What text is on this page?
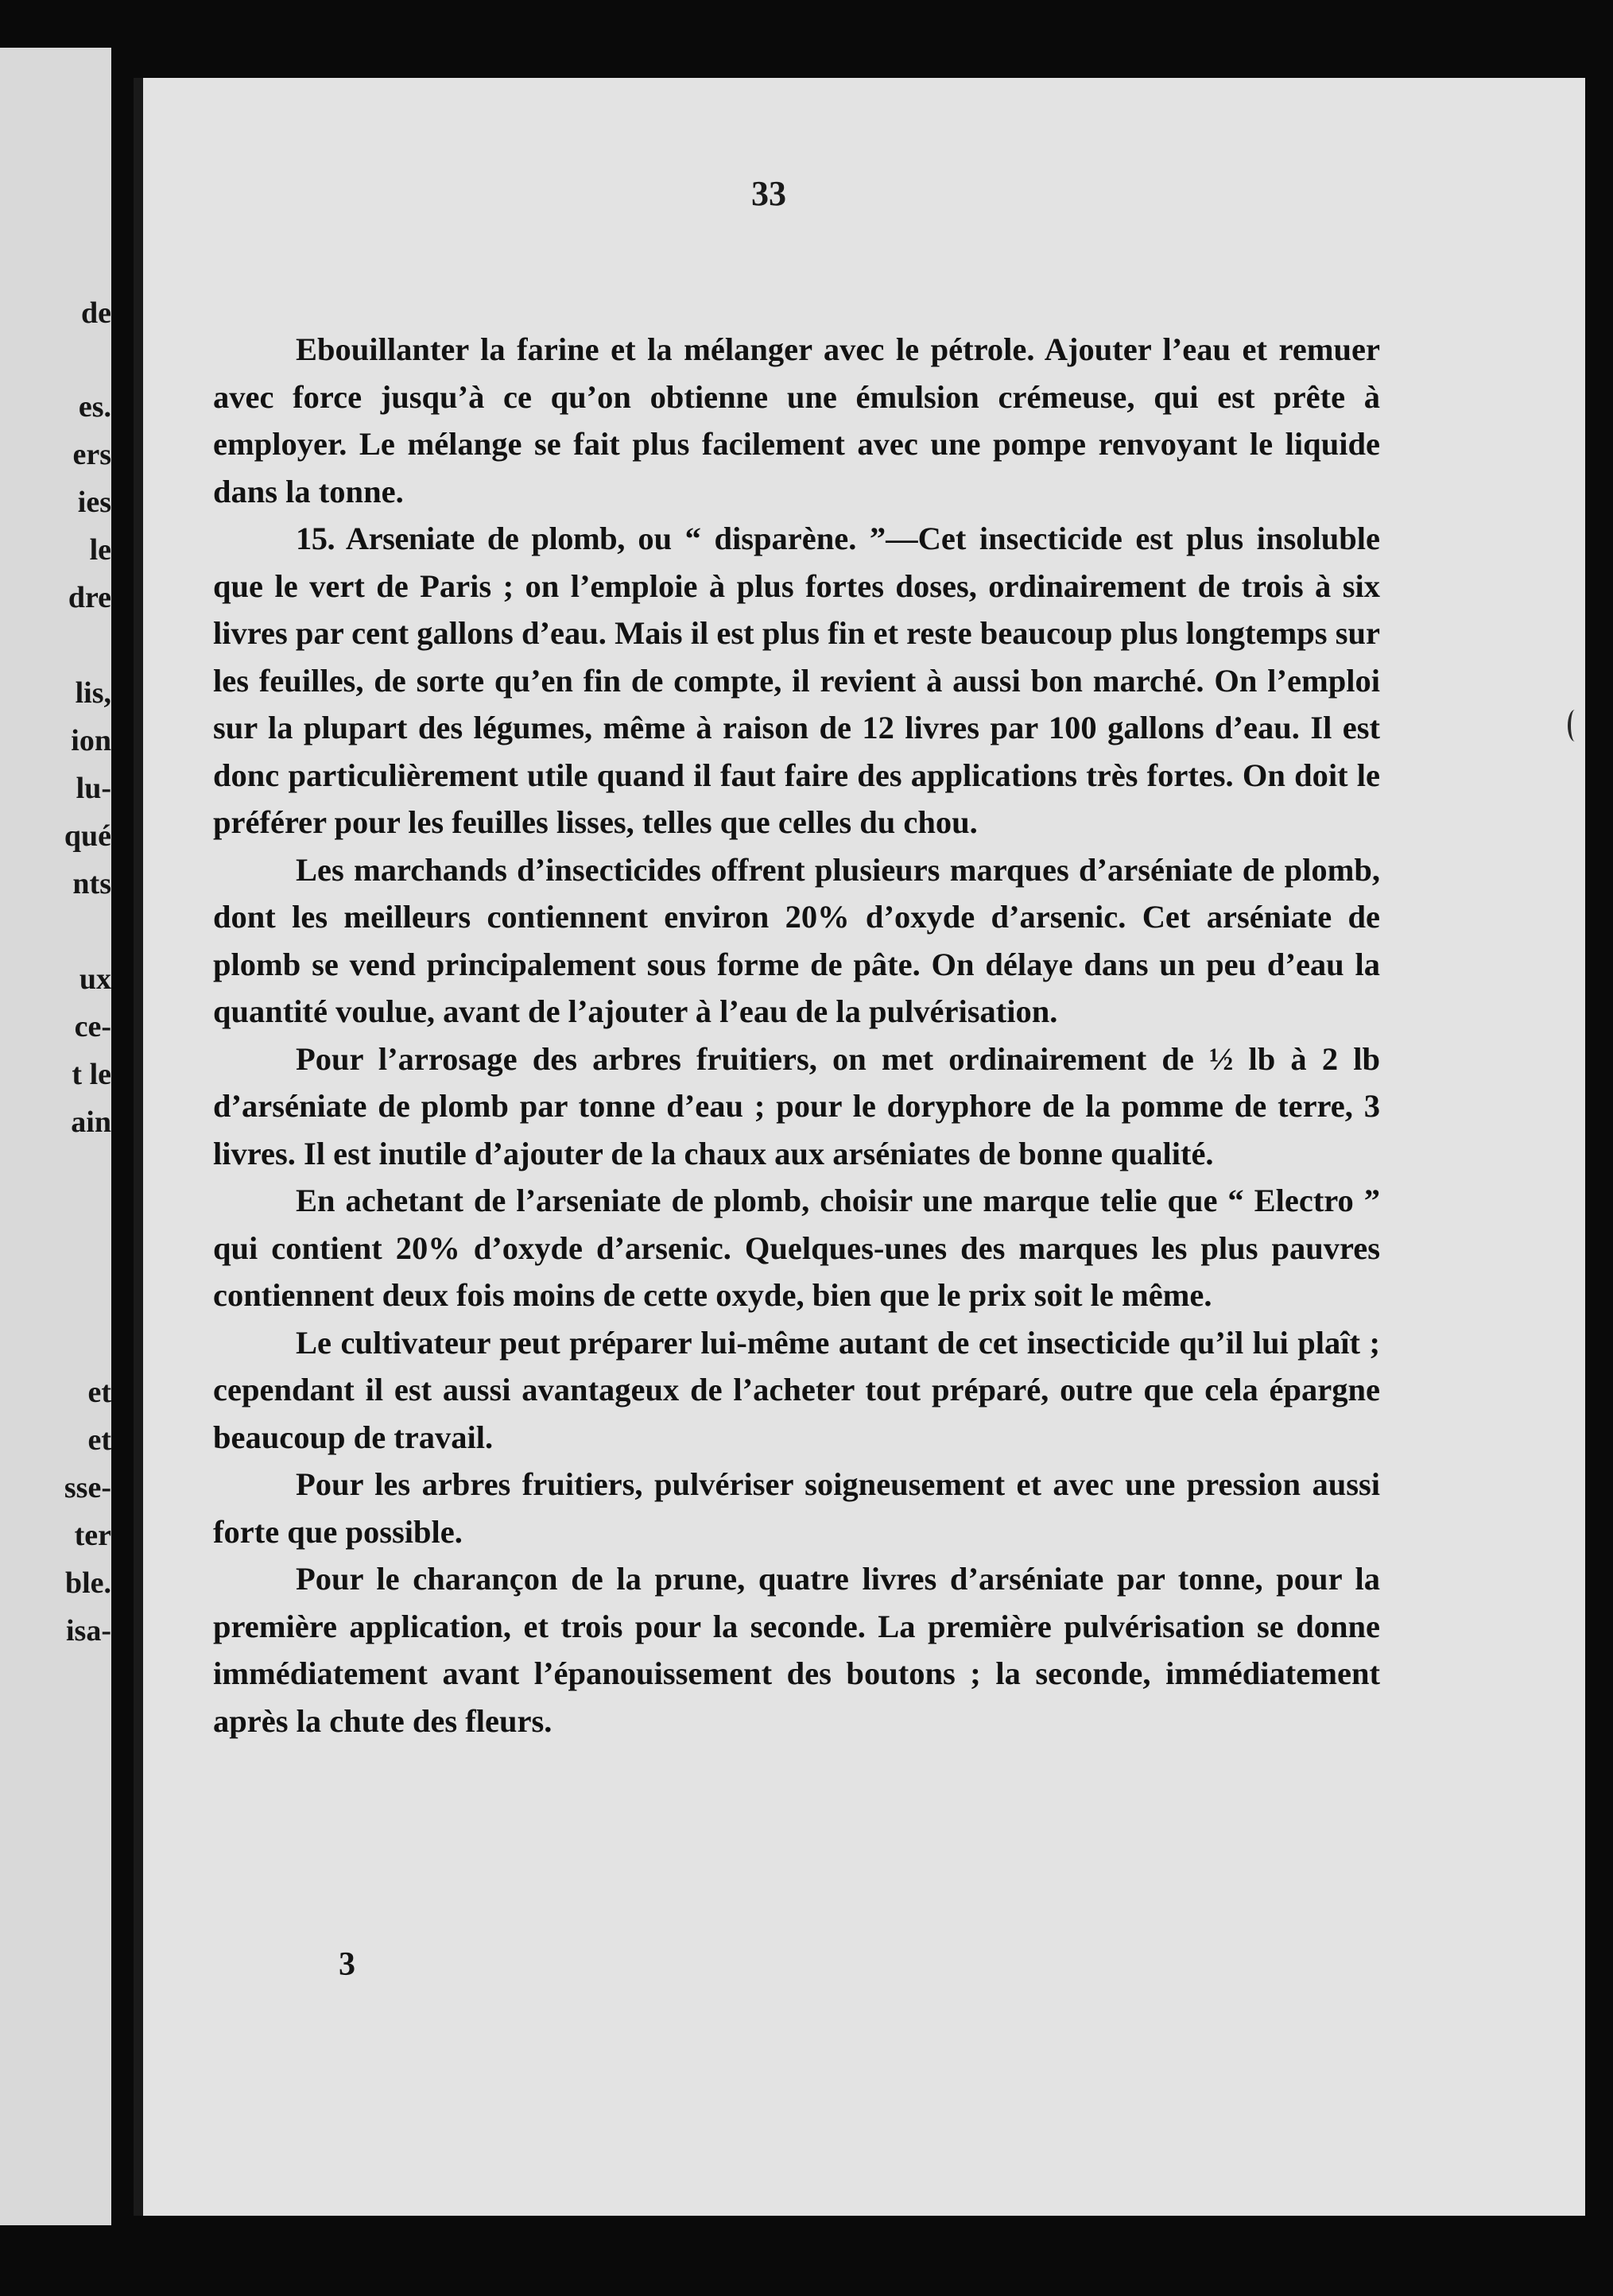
de
es.
ers
ies
le
dre
lis,
ion
lu-
qué
nts
ux
ce-
t le
ain
et
et
sse-
ter
ble.
isa-
33

Ebouillanter la farine et la mélanger avec le pétrole. Ajouter l’eau et remuer avec force jusqu’à ce qu’on obtienne une émulsion crémeuse, qui est prête à employer. Le mélange se fait plus facilement avec une pompe renvoyant le liquide dans la tonne.

15. Arseniate de plomb, ou “ disparène. ”—Cet insecticide est plus insoluble que le vert de Paris ; on l’emploie à plus fortes doses, ordinairement de trois à six livres par cent gallons d’eau. Mais il est plus fin et reste beaucoup plus longtemps sur les feuilles, de sorte qu’en fin de compte, il revient à aussi bon marché. On l’emploi sur la plupart des légumes, même à raison de 12 livres par 100 gallons d’eau. Il est donc particulièrement utile quand il faut faire des applications très fortes. On doit le préférer pour les feuilles lisses, telles que celles du chou.

Les marchands d’insecticides offrent plusieurs marques d’arséniate de plomb, dont les meilleurs contiennent environ 20% d’oxyde d’arsenic. Cet arséniate de plomb se vend principalement sous forme de pâte. On délaye dans un peu d’eau la quantité voulue, avant de l’ajouter à l’eau de la pulvérisation.

Pour l’arrosage des arbres fruitiers, on met ordinairement de ½ lb à 2 lb d’arséniate de plomb par tonne d’eau ; pour le doryphore de la pomme de terre, 3 livres. Il est inutile d’ajouter de la chaux aux arséniates de bonne qualité.

En achetant de l’arseniate de plomb, choisir une marque telie que “ Electro ” qui contient 20% d’oxyde d’arsenic. Quelques-unes des marques les plus pauvres contiennent deux fois moins de cette oxyde, bien que le prix soit le même.

Le cultivateur peut préparer lui-même autant de cet insecticide qu’il lui plaît ; cependant il est aussi avantageux de l’acheter tout préparé, outre que cela épargne beaucoup de travail.

Pour les arbres fruitiers, pulvériser soigneusement et avec une pression aussi forte que possible.

Pour le charançon de la prune, quatre livres d’arséniate par tonne, pour la première application, et trois pour la seconde. La première pulvérisation se donne immédiatement avant l’épanouissement des boutons ; la seconde, immédiatement après la chute des fleurs.

3
